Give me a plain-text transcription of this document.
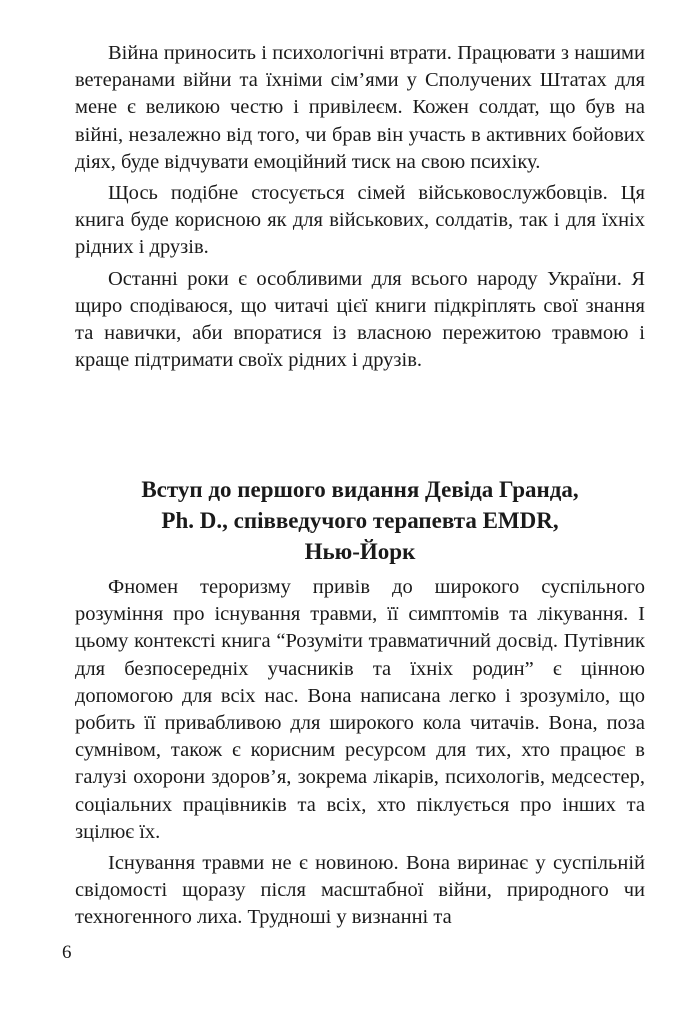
Війна приносить і психологічні втрати. Працювати з нашими ветеранами війни та їхніми сім’ями у Сполучених Штатах для мене є великою честю і привілеєм. Кожен солдат, що був на війні, незалежно від того, чи брав він участь в активних бойових діях, буде відчувати емоційний тиск на свою психіку.

Щось подібне стосується сімей військовослужбовців. Ця книга буде корисною як для військових, солдатів, так і для їхніх рідних і друзів.

Останні роки є особливими для всього народу України. Я щиро сподіваюся, що читачі цієї книги підкріплять свої знання та навички, аби впоратися із власною пережитою травмою і краще підтримати своїх рідних і друзів.

Вступ до першого видання Девіда Гранда,
Ph. D., співведучого терапевта EMDR,
Нью-Йорк

Фномен тероризму привів до широкого суспільного розуміння про існування травми, її симптомів та лікування. І цьому контексті книга “Розуміти травматичний досвід. Путівник для безпосередніх учасників та їхніх родин” є цінною допомогою для всіх нас. Вона написана легко і зрозуміло, що робить її привабливою для широкого кола читачів. Вона, поза сумнівом, також є корисним ресурсом для тих, хто працює в галузі охорони здоров’я, зокрема лікарів, психологів, медсестер, соціальних працівників та всіх, хто піклується про інших та зцілює їх.

Існування травми не є новиною. Вона виринає у суспільній свідомості щоразу після масштабної війни, природного чи техногенного лиха. Трудноші у визнанні та

6
